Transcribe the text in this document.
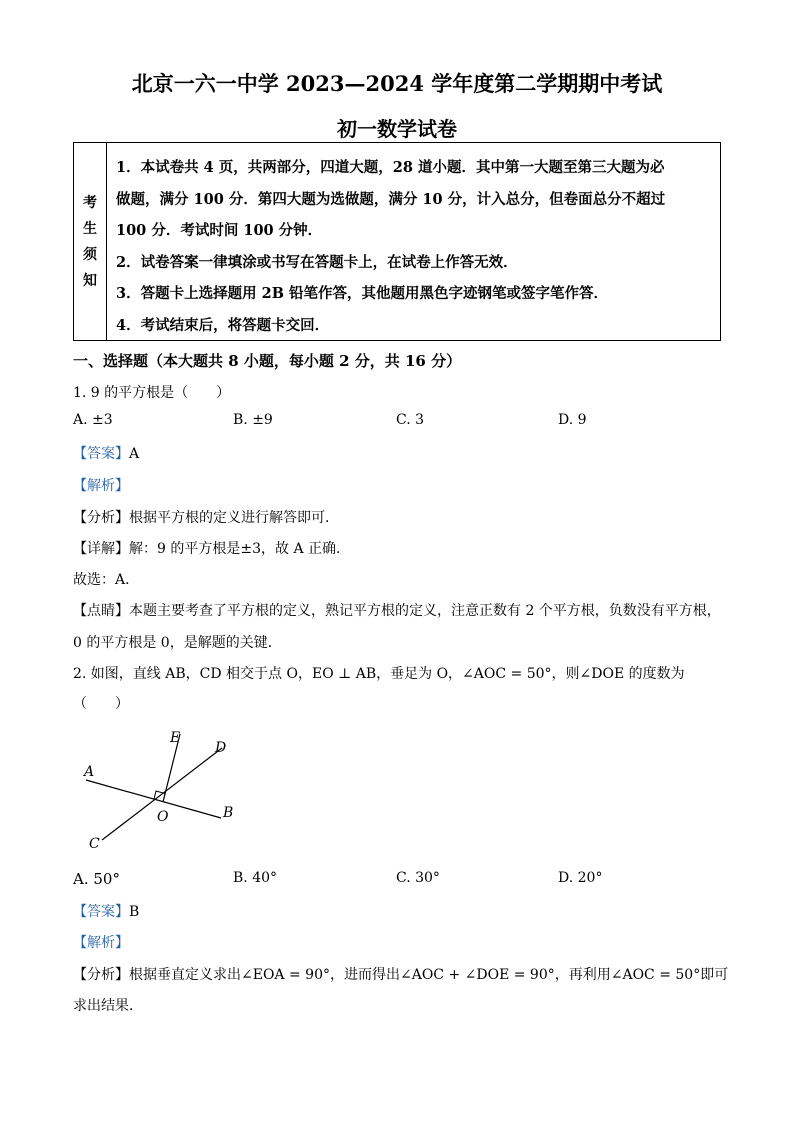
北京一六一中学 2023—2024 学年度第二学期期中考试
初一数学试卷
考
生
须
知
1．本试卷共 4 页，共两部分，四道大题，28 道小题．其中第一大题至第三大题为必
做题，满分 100 分．第四大题为选做题，满分 10 分，计入总分，但卷面总分不超过
100 分．考试时间 100 分钟．
2．试卷答案一律填涂或书写在答题卡上，在试卷上作答无效．
3．答题卡上选择题用 2B 铅笔作答，其他题用黑色字迹钢笔或签字笔作答．
4．考试结束后，将答题卡交回．
一、选择题（本大题共 8 小题，每小题 2 分，共 16 分）
1. 9 的平方根是（　　）
A. ±3	B. ±9	C. 3	D. 9
【答案】A
【解析】
【分析】根据平方根的定义进行解答即可．
【详解】解：9 的平方根是±3，故 A 正确．
故选：A．
【点睛】本题主要考查了平方根的定义，熟记平方根的定义，注意正数有 2 个平方根，负数没有平方根，
0 的平方根是 0，是解题的关键．
2. 如图，直线 AB，CD 相交于点 O，EO ⊥ AB，垂足为 O，∠AOC = 50°，则∠DOE 的度数为
（　　）
E
D
A
B
O
C
A. 50°	B. 40°	C. 30°	D. 20°
【答案】B
【解析】
【分析】根据垂直定义求出∠EOA = 90°，进而得出∠AOC + ∠DOE = 90°，再利用∠AOC = 50°即可
求出结果．
